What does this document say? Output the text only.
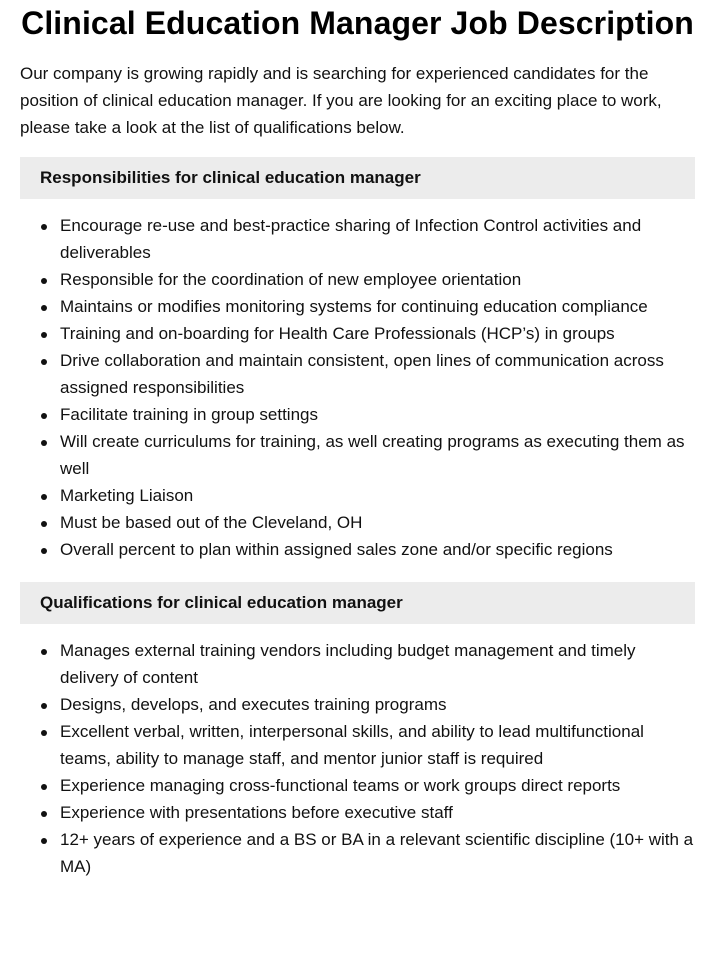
Clinical Education Manager Job Description

Our company is growing rapidly and is searching for experienced candidates for the position of clinical education manager. If you are looking for an exciting place to work, please take a look at the list of qualifications below.

Responsibilities for clinical education manager
Encourage re-use and best-practice sharing of Infection Control activities and deliverables
Responsible for the coordination of new employee orientation
Maintains or modifies monitoring systems for continuing education compliance
Training and on-boarding for Health Care Professionals (HCP’s) in groups
Drive collaboration and maintain consistent, open lines of communication across assigned responsibilities
Facilitate training in group settings
Will create curriculums for training, as well creating programs as executing them as well
Marketing Liaison
Must be based out of the Cleveland, OH
Overall percent to plan within assigned sales zone and/or specific regions
Qualifications for clinical education manager
Manages external training vendors including budget management and timely delivery of content
Designs, develops, and executes training programs
Excellent verbal, written, interpersonal skills, and ability to lead multifunctional teams, ability to manage staff, and mentor junior staff is required
Experience managing cross-functional teams or work groups direct reports
Experience with presentations before executive staff
12+ years of experience and a BS or BA in a relevant scientific discipline (10+ with a MA)
